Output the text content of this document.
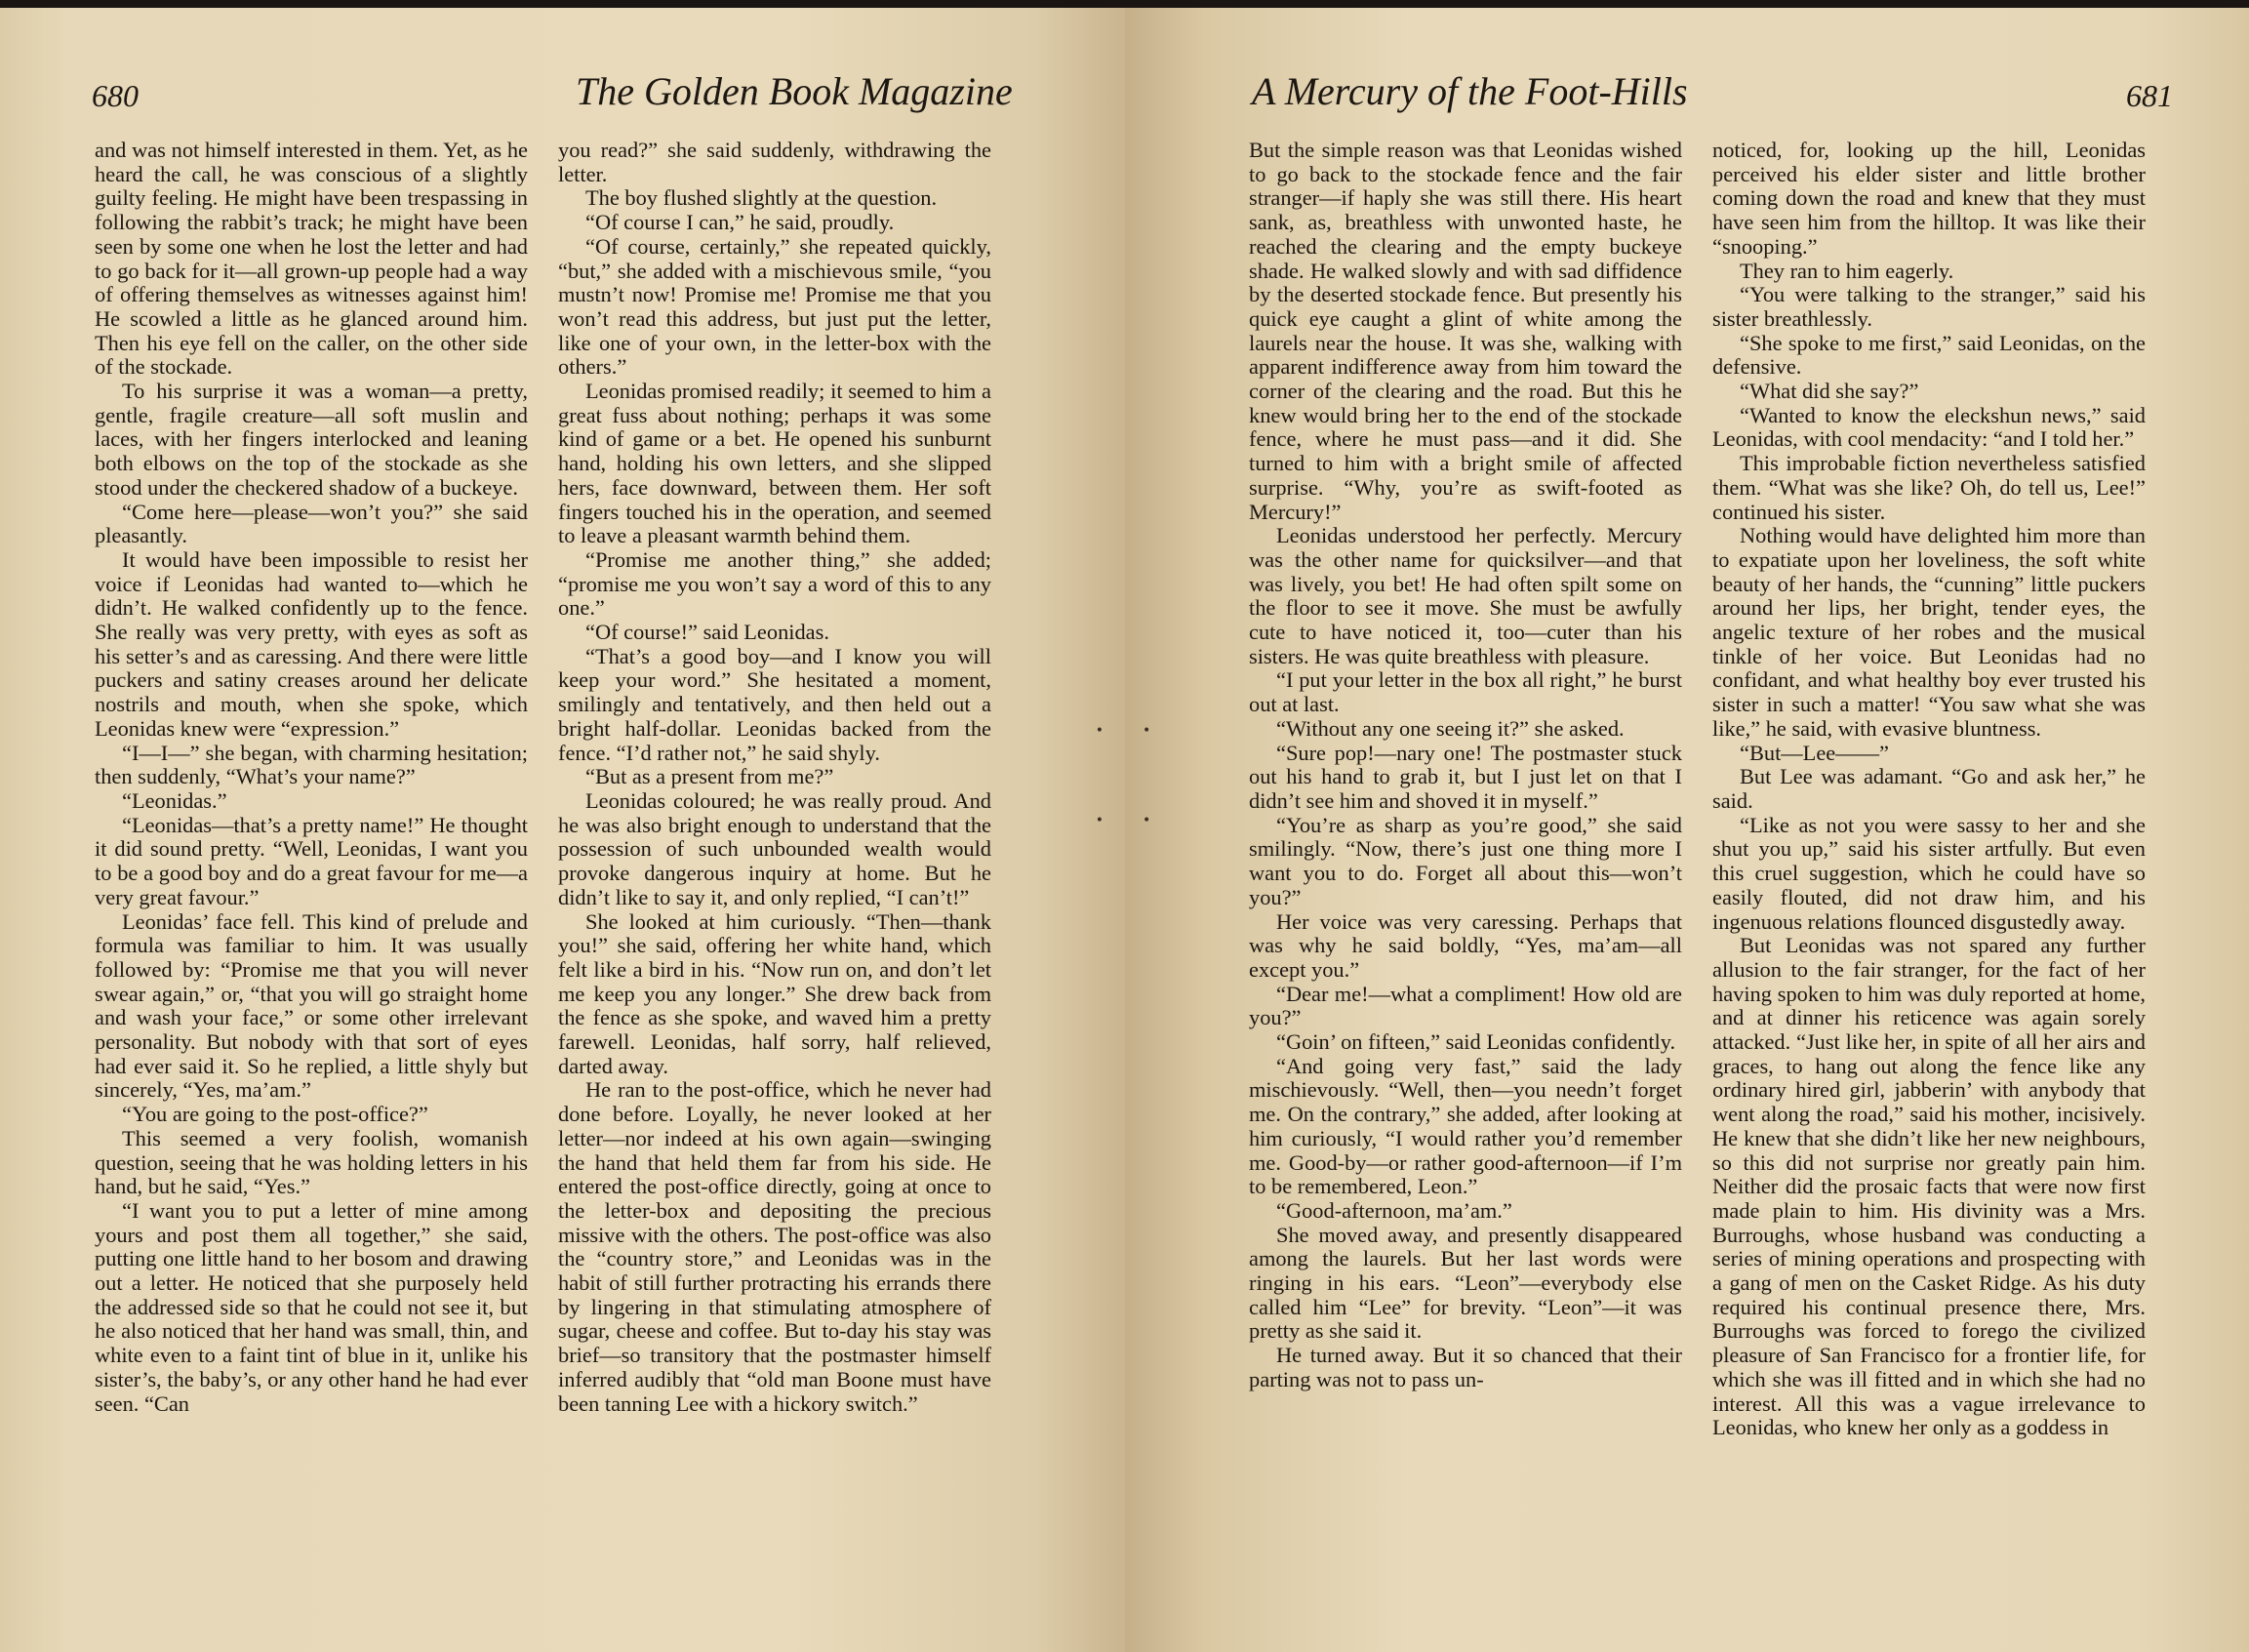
680	The Golden Book Magazine

and was not himself interested in them. Yet, as he heard the call, he was conscious of a slightly guilty feeling. He might have been trespassing in following the rabbit’s track; he might have been seen by some one when he lost the letter and had to go back for it—all grown-up people had a way of offering themselves as witnesses against him! He scowled a little as he glanced around him. Then his eye fell on the caller, on the other side of the stockade.

To his surprise it was a woman—a pretty, gentle, fragile creature—all soft muslin and laces, with her fingers interlocked and leaning both elbows on the top of the stockade as she stood under the checkered shadow of a buckeye.

“Come here—please—won’t you?” she said pleasantly.

It would have been impossible to resist her voice if Leonidas had wanted to—which he didn’t. He walked confidently up to the fence. She really was very pretty, with eyes as soft as his setter’s and as caressing. And there were little puckers and satiny creases around her delicate nostrils and mouth, when she spoke, which Leonidas knew were “expression.”

“I—I—” she began, with charming hesitation; then suddenly, “What’s your name?”

“Leonidas.”

“Leonidas—that’s a pretty name!” He thought it did sound pretty. “Well, Leonidas, I want you to be a good boy and do a great favour for me—a very great favour.”

Leonidas’ face fell. This kind of prelude and formula was familiar to him. It was usually followed by: “Promise me that you will never swear again,” or, “that you will go straight home and wash your face,” or some other irrelevant personality. But nobody with that sort of eyes had ever said it. So he replied, a little shyly but sincerely, “Yes, ma’am.”

“You are going to the post-office?”

This seemed a very foolish, womanish question, seeing that he was holding letters in his hand, but he said, “Yes.”

“I want you to put a letter of mine among yours and post them all together,” she said, putting one little hand to her bosom and drawing out a letter. He noticed that she purposely held the addressed side so that he could not see it, but he also noticed that her hand was small, thin, and white even to a faint tint of blue in it, unlike his sister’s, the baby’s, or any other hand he had ever seen. “Can

you read?” she said suddenly, withdrawing the letter.

The boy flushed slightly at the question.

“Of course I can,” he said, proudly.

“Of course, certainly,” she repeated quickly, “but,” she added with a mischievous smile, “you mustn’t now! Promise me! Promise me that you won’t read this address, but just put the letter, like one of your own, in the letter-box with the others.”

Leonidas promised readily; it seemed to him a great fuss about nothing; perhaps it was some kind of game or a bet. He opened his sunburnt hand, holding his own letters, and she slipped hers, face downward, between them. Her soft fingers touched his in the operation, and seemed to leave a pleasant warmth behind them.

“Promise me another thing,” she added; “promise me you won’t say a word of this to any one.”

“Of course!” said Leonidas.

“That’s a good boy—and I know you will keep your word.” She hesitated a moment, smilingly and tentatively, and then held out a bright half-dollar. Leonidas backed from the fence. “I’d rather not,” he said shyly.

“But as a present from me?”

Leonidas coloured; he was really proud. And he was also bright enough to understand that the possession of such unbounded wealth would provoke dangerous inquiry at home. But he didn’t like to say it, and only replied, “I can’t!”

She looked at him curiously. “Then—thank you!” she said, offering her white hand, which felt like a bird in his. “Now run on, and don’t let me keep you any longer.” She drew back from the fence as she spoke, and waved him a pretty farewell. Leonidas, half sorry, half relieved, darted away.

He ran to the post-office, which he never had done before. Loyally, he never looked at her letter—nor indeed at his own again—swinging the hand that held them far from his side. He entered the post-office directly, going at once to the letter-box and depositing the precious missive with the others. The post-office was also the “country store,” and Leonidas was in the habit of still further protracting his errands there by lingering in that stimulating atmosphere of sugar, cheese and coffee. But to-day his stay was brief—so transitory that the postmaster himself inferred audibly that “old man Boone must have been tanning Lee with a hickory switch.”

•
•
A Mercury of the Foot-Hills	681

But the simple reason was that Leonidas wished to go back to the stockade fence and the fair stranger—if haply she was still there. His heart sank, as, breathless with unwonted haste, he reached the clearing and the empty buckeye shade. He walked slowly and with sad diffidence by the deserted stockade fence. But presently his quick eye caught a glint of white among the laurels near the house. It was she, walking with apparent indifference away from him toward the corner of the clearing and the road. But this he knew would bring her to the end of the stockade fence, where he must pass—and it did. She turned to him with a bright smile of affected surprise. “Why, you’re as swift-footed as Mercury!”

Leonidas understood her perfectly. Mercury was the other name for quicksilver—and that was lively, you bet! He had often spilt some on the floor to see it move. She must be awfully cute to have noticed it, too—cuter than his sisters. He was quite breathless with pleasure.

“I put your letter in the box all right,” he burst out at last.

“Without any one seeing it?” she asked.

“Sure pop!—nary one! The postmaster stuck out his hand to grab it, but I just let on that I didn’t see him and shoved it in myself.”

“You’re as sharp as you’re good,” she said smilingly. “Now, there’s just one thing more I want you to do. Forget all about this—won’t you?”

Her voice was very caressing. Perhaps that was why he said boldly, “Yes, ma’am—all except you.”

“Dear me!—what a compliment! How old are you?”

“Goin’ on fifteen,” said Leonidas confidently.

“And going very fast,” said the lady mischievously. “Well, then—you needn’t forget me. On the contrary,” she added, after looking at him curiously, “I would rather you’d remember me. Good-by—or rather good-afternoon—if I’m to be remembered, Leon.”

“Good-afternoon, ma’am.”

She moved away, and presently disappeared among the laurels. But her last words were ringing in his ears. “Leon”—everybody else called him “Lee” for brevity. “Leon”—it was pretty as she said it.

He turned away. But it so chanced that their parting was not to pass un-

noticed, for, looking up the hill, Leonidas perceived his elder sister and little brother coming down the road and knew that they must have seen him from the hilltop. It was like their “snooping.”

They ran to him eagerly.

“You were talking to the stranger,” said his sister breathlessly.

“She spoke to me first,” said Leonidas, on the defensive.

“What did she say?”

“Wanted to know the eleckshun news,” said Leonidas, with cool mendacity: “and I told her.”

This improbable fiction nevertheless satisfied them. “What was she like? Oh, do tell us, Lee!” continued his sister.

Nothing would have delighted him more than to expatiate upon her loveliness, the soft white beauty of her hands, the “cunning” little puckers around her lips, her bright, tender eyes, the angelic texture of her robes and the musical tinkle of her voice. But Leonidas had no confidant, and what healthy boy ever trusted his sister in such a matter! “You saw what she was like,” he said, with evasive bluntness.

“But—Lee——”

But Lee was adamant. “Go and ask her,” he said.

“Like as not you were sassy to her and she shut you up,” said his sister artfully. But even this cruel suggestion, which he could have so easily flouted, did not draw him, and his ingenuous relations flounced disgustedly away.

But Leonidas was not spared any further allusion to the fair stranger, for the fact of her having spoken to him was duly reported at home, and at dinner his reticence was again sorely attacked. “Just like her, in spite of all her airs and graces, to hang out along the fence like any ordinary hired girl, jabberin’ with anybody that went along the road,” said his mother, incisively. He knew that she didn’t like her new neighbours, so this did not surprise nor greatly pain him. Neither did the prosaic facts that were now first made plain to him. His divinity was a Mrs. Burroughs, whose husband was conducting a series of mining operations and prospecting with a gang of men on the Casket Ridge. As his duty required his continual presence there, Mrs. Burroughs was forced to forego the civilized pleasure of San Francisco for a frontier life, for which she was ill fitted and in which she had no interest. All this was a vague irrelevance to Leonidas, who knew her only as a goddess in

•
•
